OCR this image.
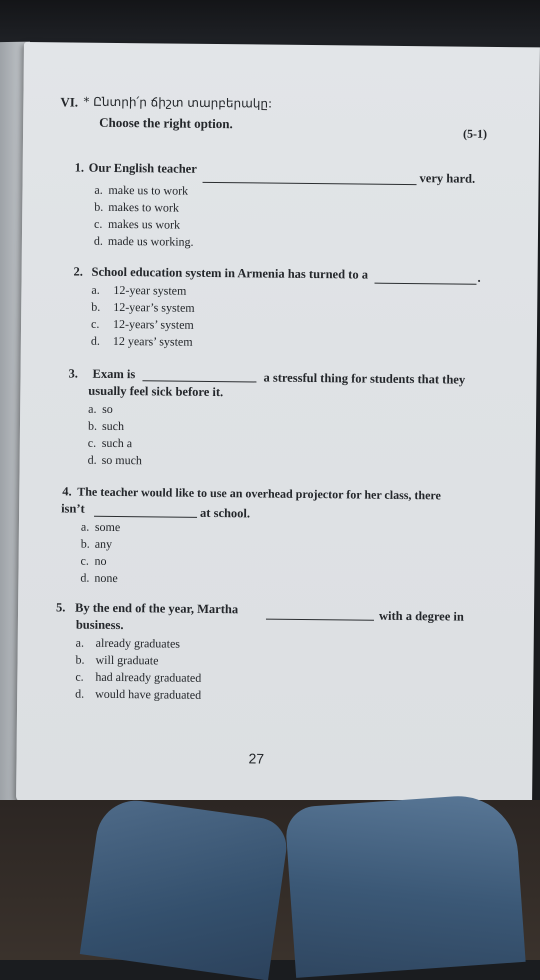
VI. * Ընտրի՛ր ճիշտ տարբերակը:
Choose the right option.
(5-1)
1. Our English teacher
very hard.
a. make us to work
b. makes to work
c. makes us work
d. made us working.
2. School education system in Armenia has turned to a	.
a. 12-year system
b. 12-year’s system
c. 12-years’ system
d. 12 years’ system
3. Exam is	a stressful thing for students that they
usually feel sick before it.
a. so
b. such
c. such a
d. so much
4. The teacher would like to use an overhead projector for her class, there
isn’t	at school.
a. some
b. any
c. no
d. none
5. By the end of the year, Martha	with a degree in
business.
a. already graduates
b. will graduate
c. had already graduated
d. would have graduated
27
